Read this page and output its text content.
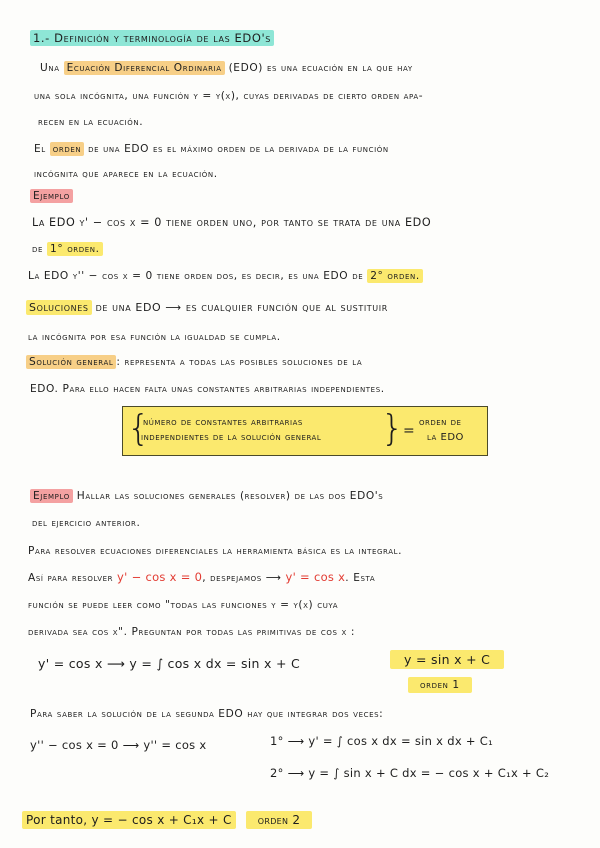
1.- Definición y terminología de las EDO's
Una Ecuación Diferencial Ordinaria (EDO) es una ecuación en la que hay
una sola incógnita, una función y = y(x), cuyas derivadas de cierto orden apa-
recen en la ecuación.
El orden de una EDO es el máximo orden de la derivada de la función
incógnita que aparece en la ecuación.
Ejemplo
La EDO y' − cos x = 0 tiene orden uno, por tanto se trata de una EDO
de 1° orden.
La EDO y'' − cos x = 0 tiene orden dos, es decir, es una EDO de 2° orden.
Soluciones de una EDO ⟶ es cualquier función que al sustituir
la incógnita por esa función la igualdad se cumpla.
Solución general : representa a todas las posibles soluciones de la
EDO. Para ello hacen falta unas constantes arbitrarias independientes.
{
número de constantes arbitrarias
independientes de la solución general } =
orden de
la EDO
Ejemplo Hallar las soluciones generales (resolver) de las dos EDO's
del ejercicio anterior.
Para resolver ecuaciones diferenciales la herramienta básica es la integral.
Así para resolver y' − cos x = 0, despejamos ⟶ y' = cos x. Esta
función se puede leer como "todas las funciones y = y(x) cuya
derivada sea cos x". Preguntan por todas las primitivas de cos x :
y' = cos x ⟶ y = ∫ cos x dx = sin x + C	y = sin x + C
orden 1
Para saber la solución de la segunda EDO hay que integrar dos veces:
y'' − cos x = 0 ⟶ y'' = cos x	1° ⟶ y' = ∫ cos x dx = sin x dx + C₁
2° ⟶ y = ∫ sin x + C dx = − cos x + C₁x + C₂
Por tanto, y = − cos x + C₁x + C orden 2
